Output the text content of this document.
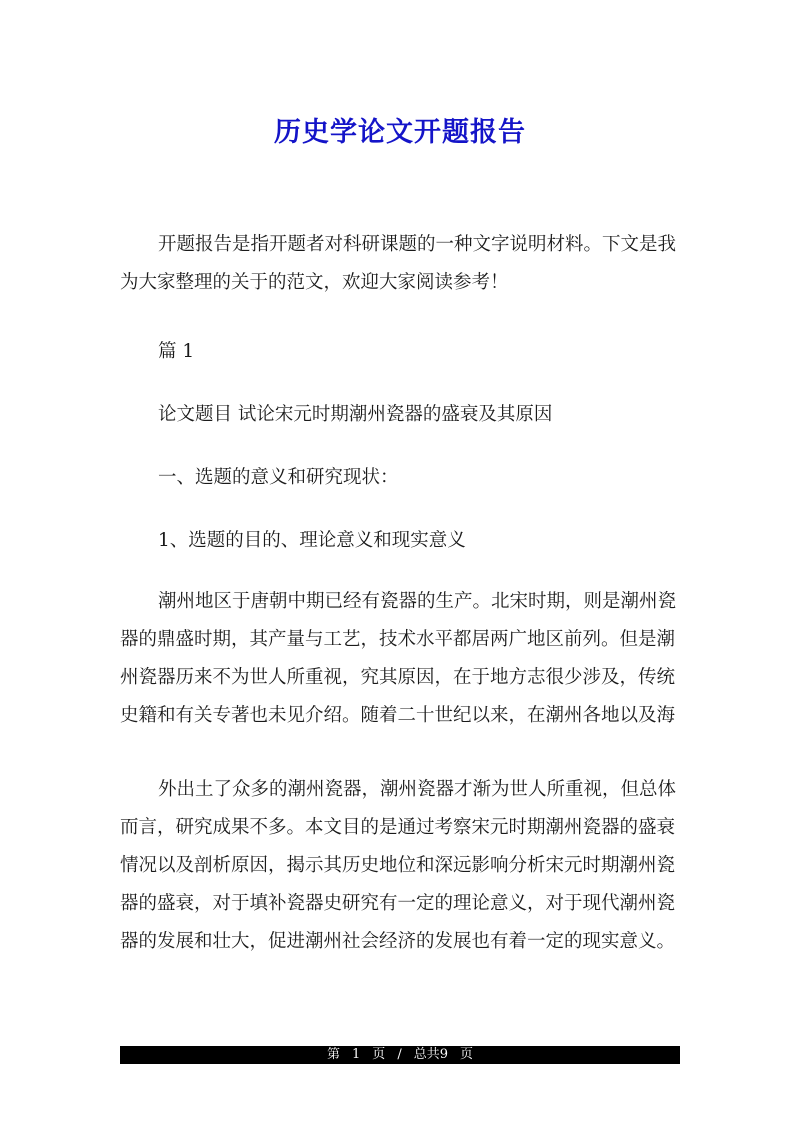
历史学论文开题报告
开题报告是指开题者对科研课题的一种文字说明材料。下文是我为大家整理的关于的范文，欢迎大家阅读参考！
篇 1
论文题目 试论宋元时期潮州瓷器的盛衰及其原因
一、选题的意义和研究现状：
1、选题的目的、理论意义和现实意义
潮州地区于唐朝中期已经有瓷器的生产。北宋时期，则是潮州瓷器的鼎盛时期，其产量与工艺，技术水平都居两广地区前列。但是潮州瓷器历来不为世人所重视，究其原因，在于地方志很少涉及，传统史籍和有关专著也未见介绍。随着二十世纪以来，在潮州各地以及海
外出土了众多的潮州瓷器，潮州瓷器才渐为世人所重视，但总体而言，研究成果不多。本文目的是通过考察宋元时期潮州瓷器的盛衰情况以及剖析原因，揭示其历史地位和深远影响分析宋元时期潮州瓷器的盛衰，对于填补瓷器史研究有一定的理论意义，对于现代潮州瓷器的发展和壮大，促进潮州社会经济的发展也有着一定的现实意义。
第 1 页 / 总共9 页
